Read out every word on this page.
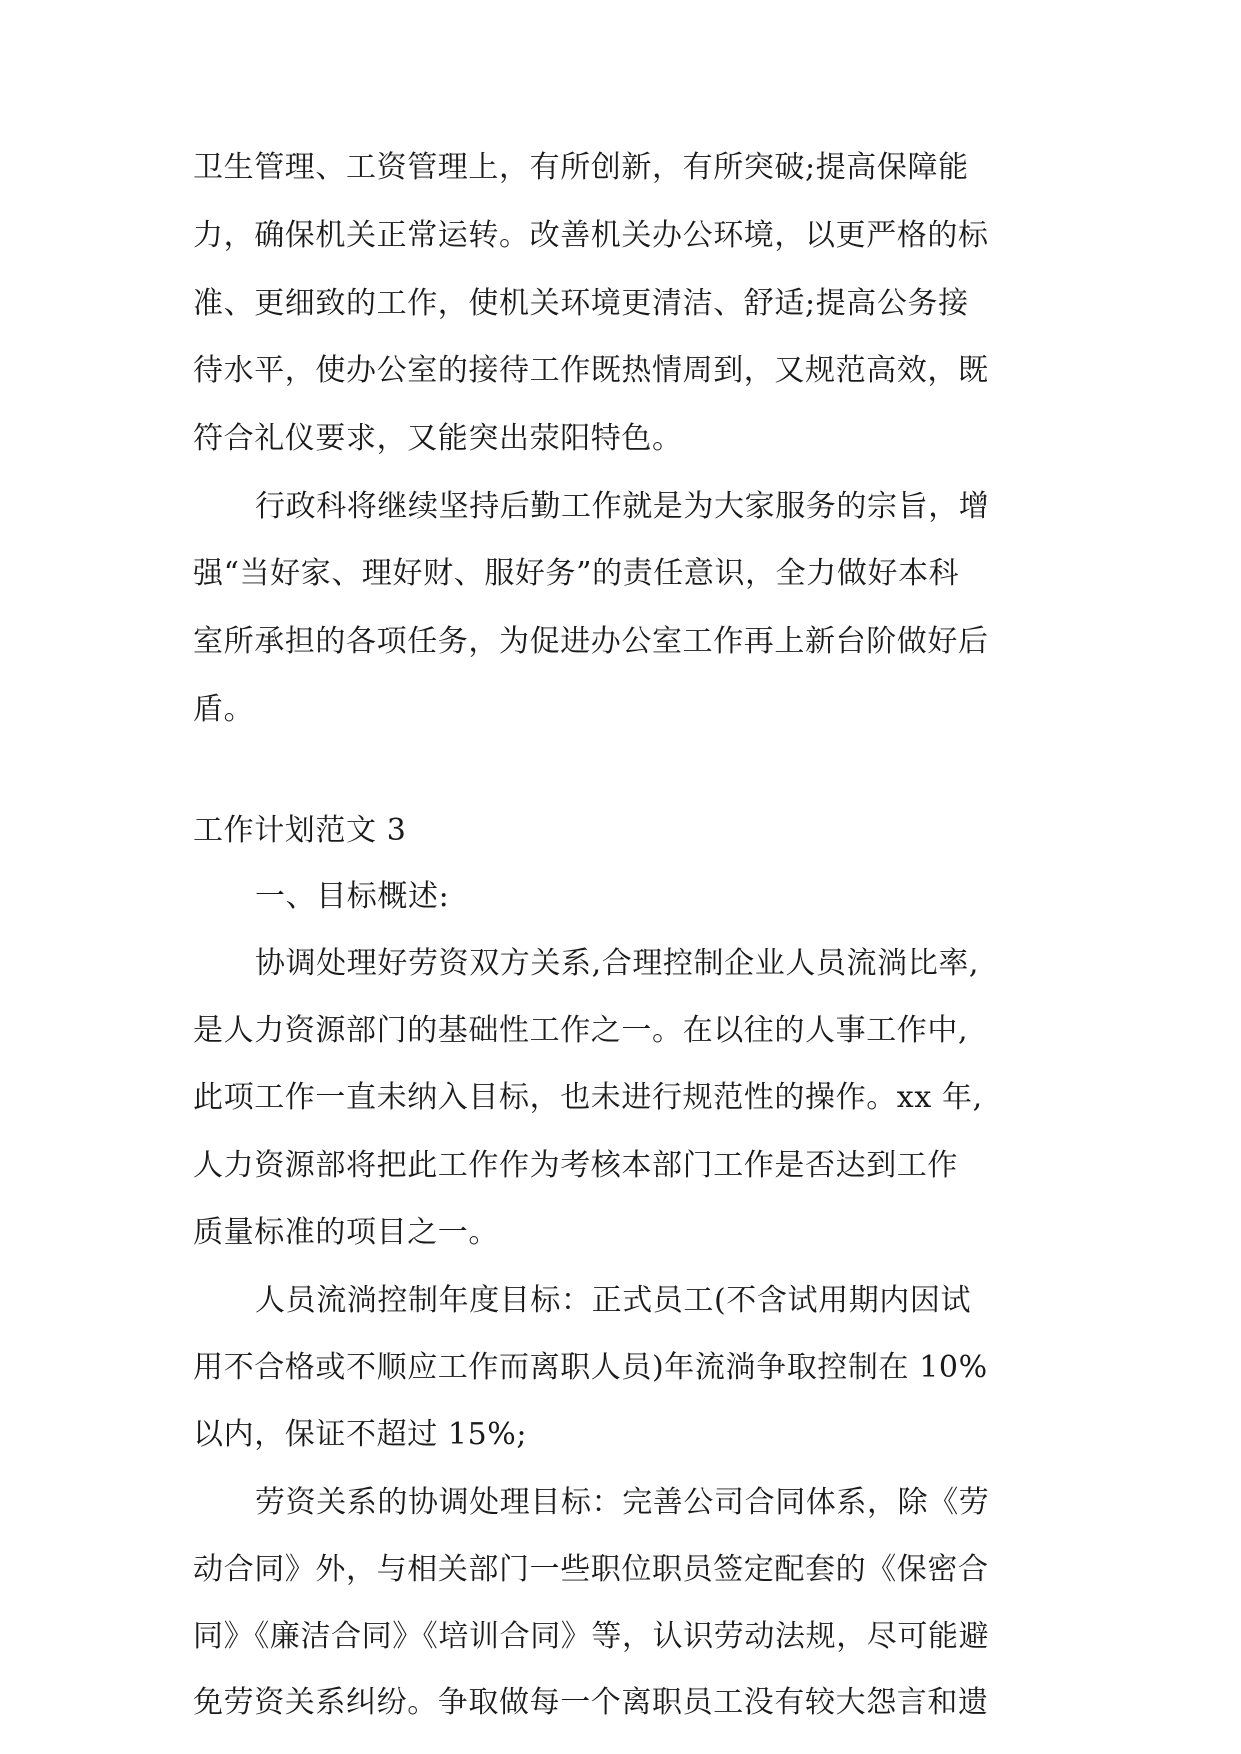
卫生管理、工资管理上，有所创新，有所突破;提高保障能
力，确保机关正常运转。改善机关办公环境，以更严格的标
准、更细致的工作，使机关环境更清洁、舒适;提高公务接
待水平，使办公室的接待工作既热情周到，又规范高效，既
符合礼仪要求，又能突出荥阳特色。
行政科将继续坚持后勤工作就是为大家服务的宗旨，增
强“当好家、理好财、服好务”的责任意识，全力做好本科
室所承担的各项任务，为促进办公室工作再上新台阶做好后
盾。
工作计划范文 3
一、目标概述:
协调处理好劳资双方关系,合理控制企业人员流淌比率,
是人力资源部门的基础性工作之一。在以往的人事工作中,
此项工作一直未纳入目标，也未进行规范性的操作。xx 年,
人力资源部将把此工作作为考核本部门工作是否达到工作
质量标准的项目之一。
人员流淌控制年度目标：正式员工(不含试用期内因试
用不合格或不顺应工作而离职人员)年流淌争取控制在 10%
以内，保证不超过 15%;
劳资关系的协调处理目标：完善公司合同体系，除《劳
动合同》外，与相关部门一些职位职员签定配套的《保密合
同》《廉洁合同》《培训合同》等，认识劳动法规，尽可能避
免劳资关系纠纷。争取做每一个离职员工没有较大怨言和遗
